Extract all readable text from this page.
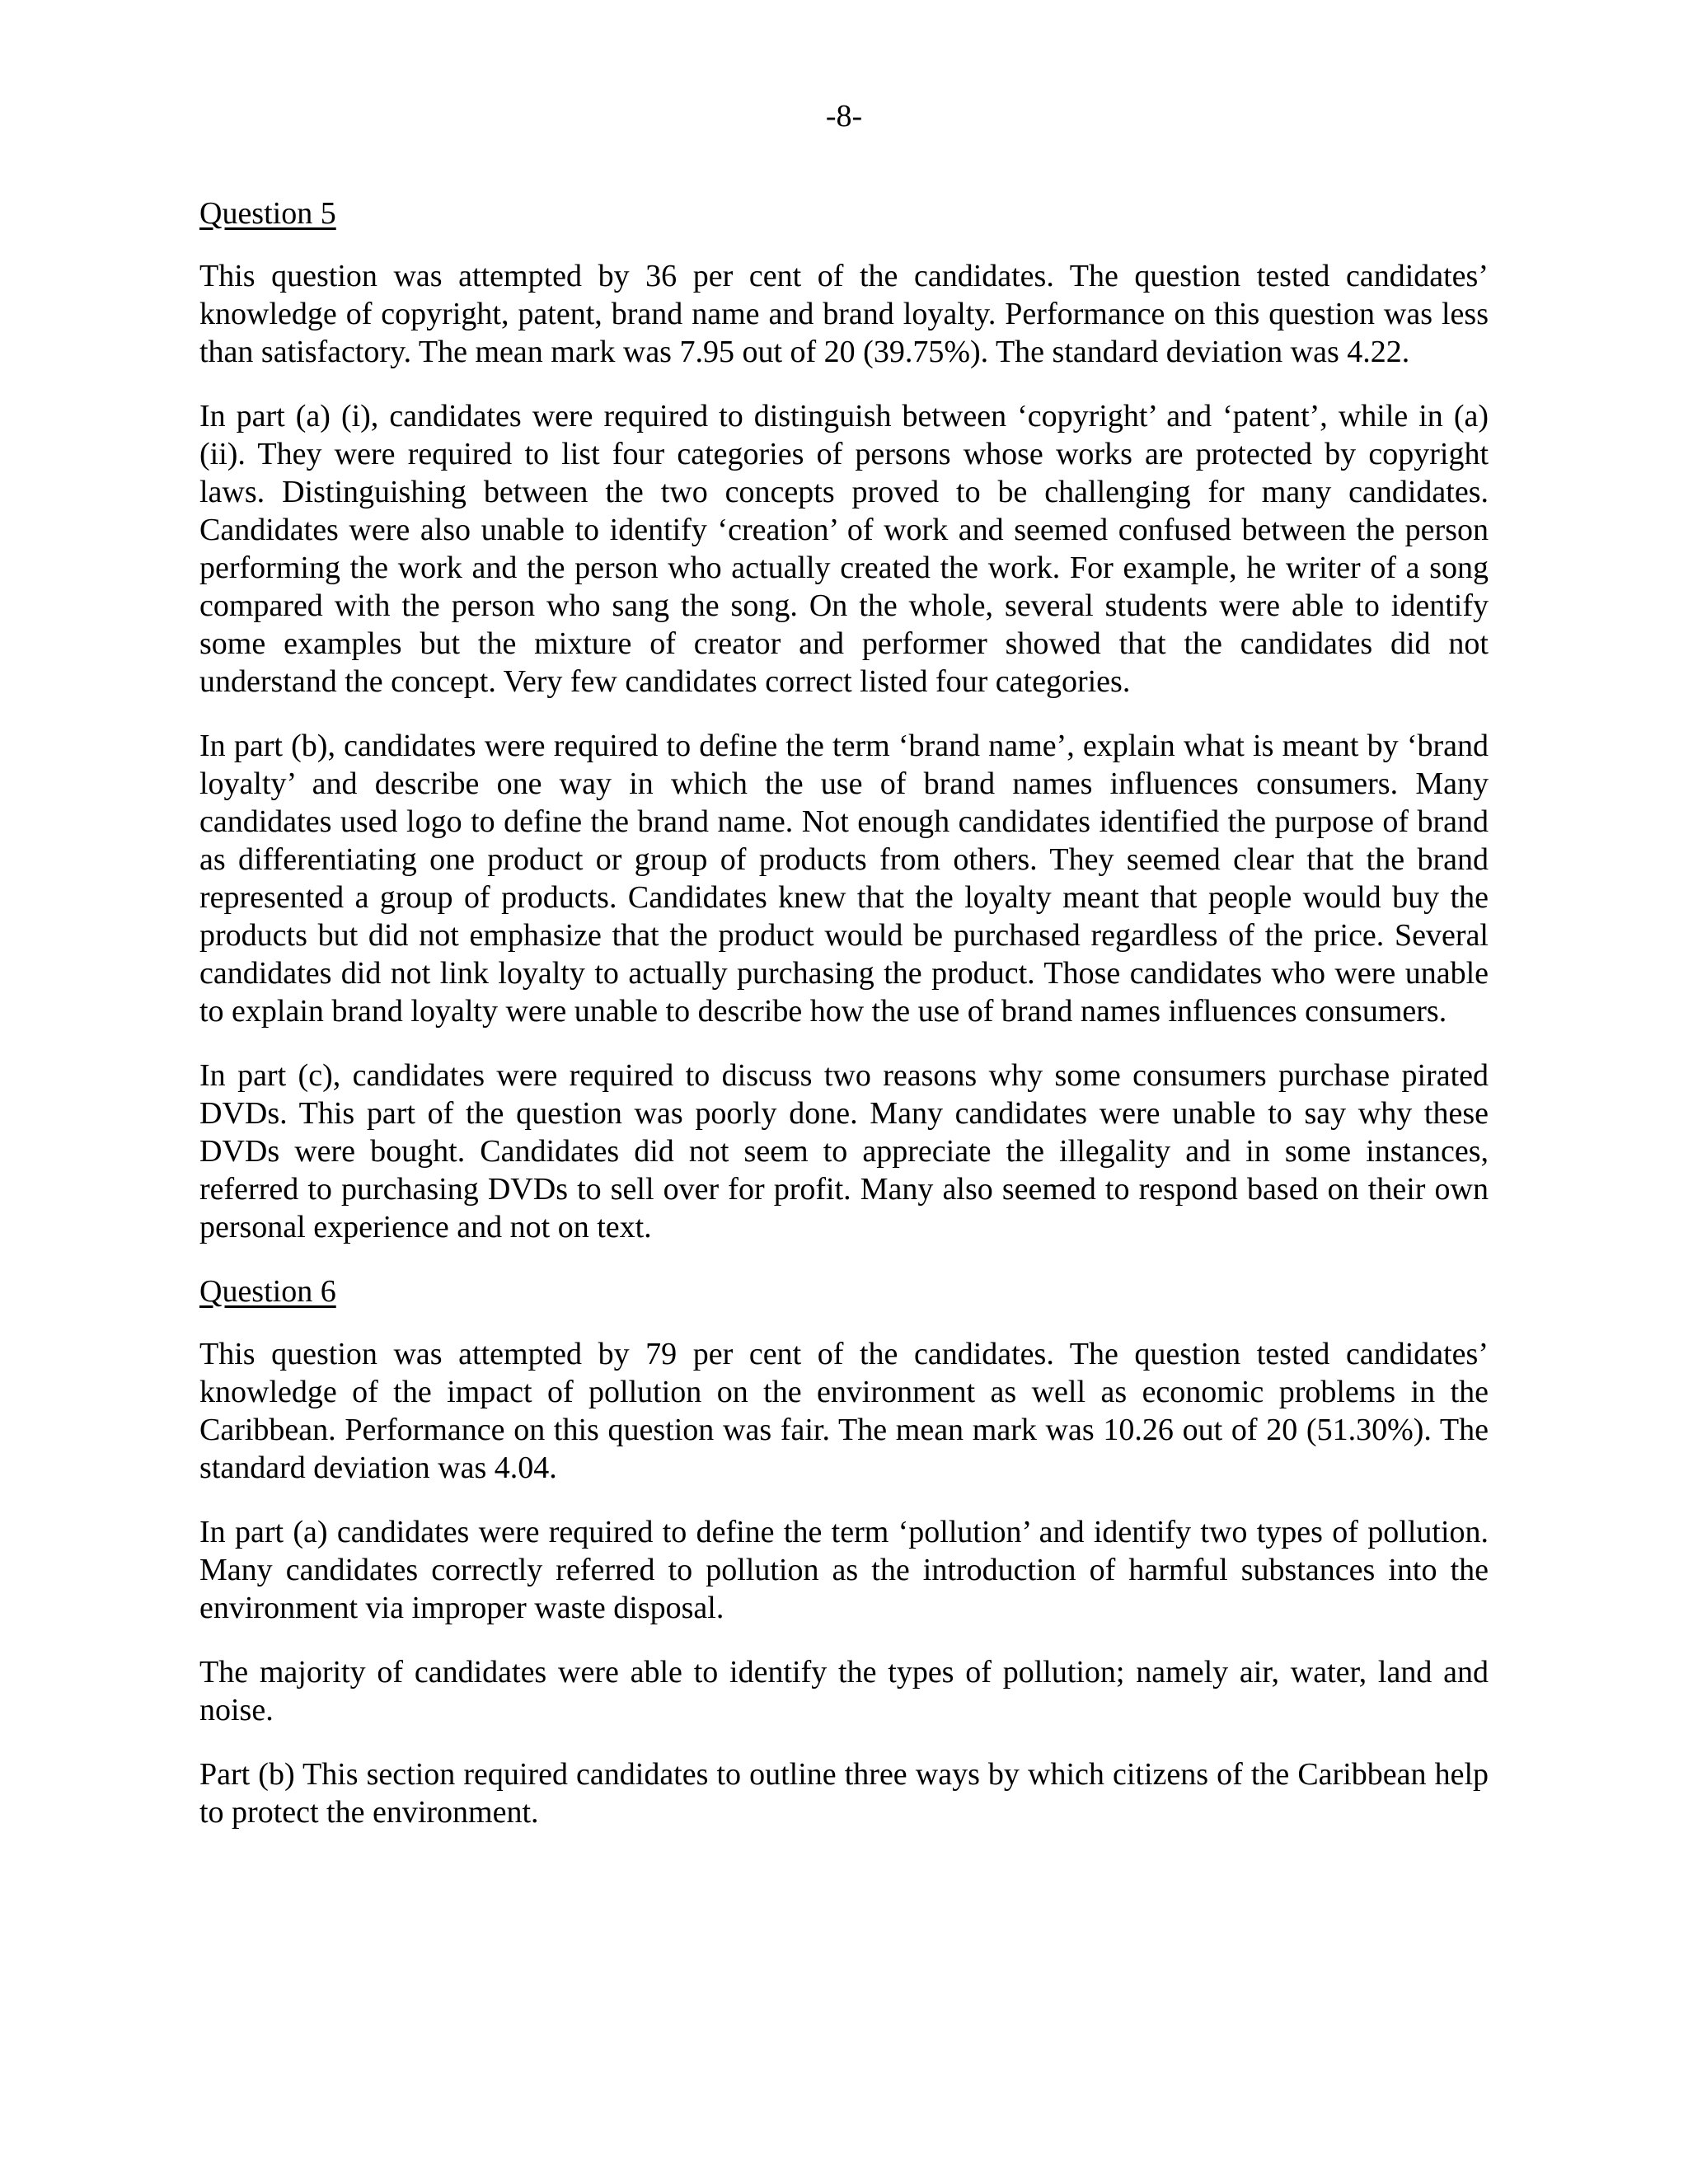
-8-
Question 5

This question was attempted by 36 per cent of the candidates. The question tested candidates’ knowledge of copyright, patent, brand name and brand loyalty. Performance on this question was less than satisfactory. The mean mark was 7.95 out of 20 (39.75%). The standard deviation was 4.22.

In part (a) (i), candidates were required to distinguish between ‘copyright’ and ‘patent’, while in (a) (ii). They were required to list four categories of persons whose works are protected by copyright laws. Distinguishing between the two concepts proved to be challenging for many candidates. Candidates were also unable to identify ‘creation’ of work and seemed confused between the person performing the work and the person who actually created the work. For example, he writer of a song compared with the person who sang the song. On the whole, several students were able to identify some examples but the mixture of creator and performer showed that the candidates did not understand the concept. Very few candidates correct listed four categories.

In part (b), candidates were required to define the term ‘brand name’, explain what is meant by ‘brand loyalty’ and describe one way in which the use of brand names influences consumers. Many candidates used logo to define the brand name. Not enough candidates identified the purpose of brand as differentiating one product or group of products from others. They seemed clear that the brand represented a group of products. Candidates knew that the loyalty meant that people would buy the products but did not emphasize that the product would be purchased regardless of the price. Several candidates did not link loyalty to actually purchasing the product. Those candidates who were unable to explain brand loyalty were unable to describe how the use of brand names influences consumers.

In part (c), candidates were required to discuss two reasons why some consumers purchase pirated DVDs. This part of the question was poorly done. Many candidates were unable to say why these DVDs were bought. Candidates did not seem to appreciate the illegality and in some instances, referred to purchasing DVDs to sell over for profit. Many also seemed to respond based on their own personal experience and not on text.

Question 6

This question was attempted by 79 per cent of the candidates. The question tested candidates’ knowledge of the impact of pollution on the environment as well as economic problems in the Caribbean. Performance on this question was fair. The mean mark was 10.26 out of 20 (51.30%). The standard deviation was 4.04.

In part (a) candidates were required to define the term ‘pollution’ and identify two types of pollution. Many candidates correctly referred to pollution as the introduction of harmful substances into the environment via improper waste disposal.

The majority of candidates were able to identify the types of pollution; namely air, water, land and noise.

Part (b) This section required candidates to outline three ways by which citizens of the Caribbean help to protect the environment.
